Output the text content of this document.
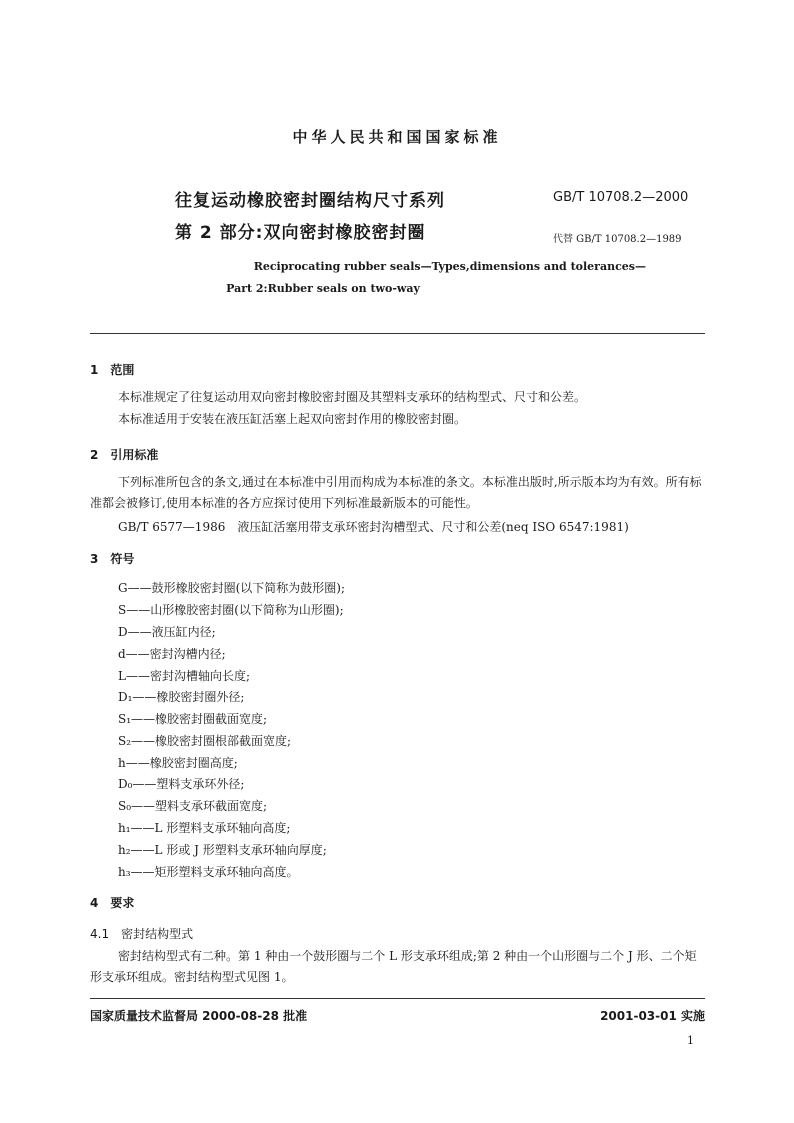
中华人民共和国国家标准
往复运动橡胶密封圈结构尺寸系列
第 2 部分:双向密封橡胶密封圈
GB/T 10708.2—2000
代替 GB/T 10708.2—1989
Reciprocating rubber seals—Types,dimensions and tolerances—
Part 2:Rubber seals on two-way
1　范围
本标准规定了往复运动用双向密封橡胶密封圈及其塑料支承环的结构型式、尺寸和公差。
本标准适用于安装在液压缸活塞上起双向密封作用的橡胶密封圈。
2　引用标准
下列标准所包含的条文,通过在本标准中引用而构成为本标准的条文。本标准出版时,所示版本均为有效。所有标准都会被修订,使用本标准的各方应探讨使用下列标准最新版本的可能性。
GB/T 6577—1986　液压缸活塞用带支承环密封沟槽型式、尺寸和公差(neq ISO 6547:1981)
3　符号
G——鼓形橡胶密封圈(以下简称为鼓形圈);
S——山形橡胶密封圈(以下简称为山形圈);
D——液压缸内径;
d——密封沟槽内径;
L——密封沟槽轴向长度;
D₁——橡胶密封圈外径;
S₁——橡胶密封圈截面宽度;
S₂——橡胶密封圈根部截面宽度;
h——橡胶密封圈高度;
D₀——塑料支承环外径;
S₀——塑料支承环截面宽度;
h₁——L 形塑料支承环轴向高度;
h₂——L 形或 J 形塑料支承环轴向厚度;
h₃——矩形塑料支承环轴向高度。
4　要求
4.1　密封结构型式
密封结构型式有二种。第 1 种由一个鼓形圈与二个 L 形支承环组成;第 2 种由一个山形圈与二个 J 形、二个矩形支承环组成。密封结构型式见图 1。
国家质量技术监督局 2000-08-28 批准	2001-03-01 实施
1
